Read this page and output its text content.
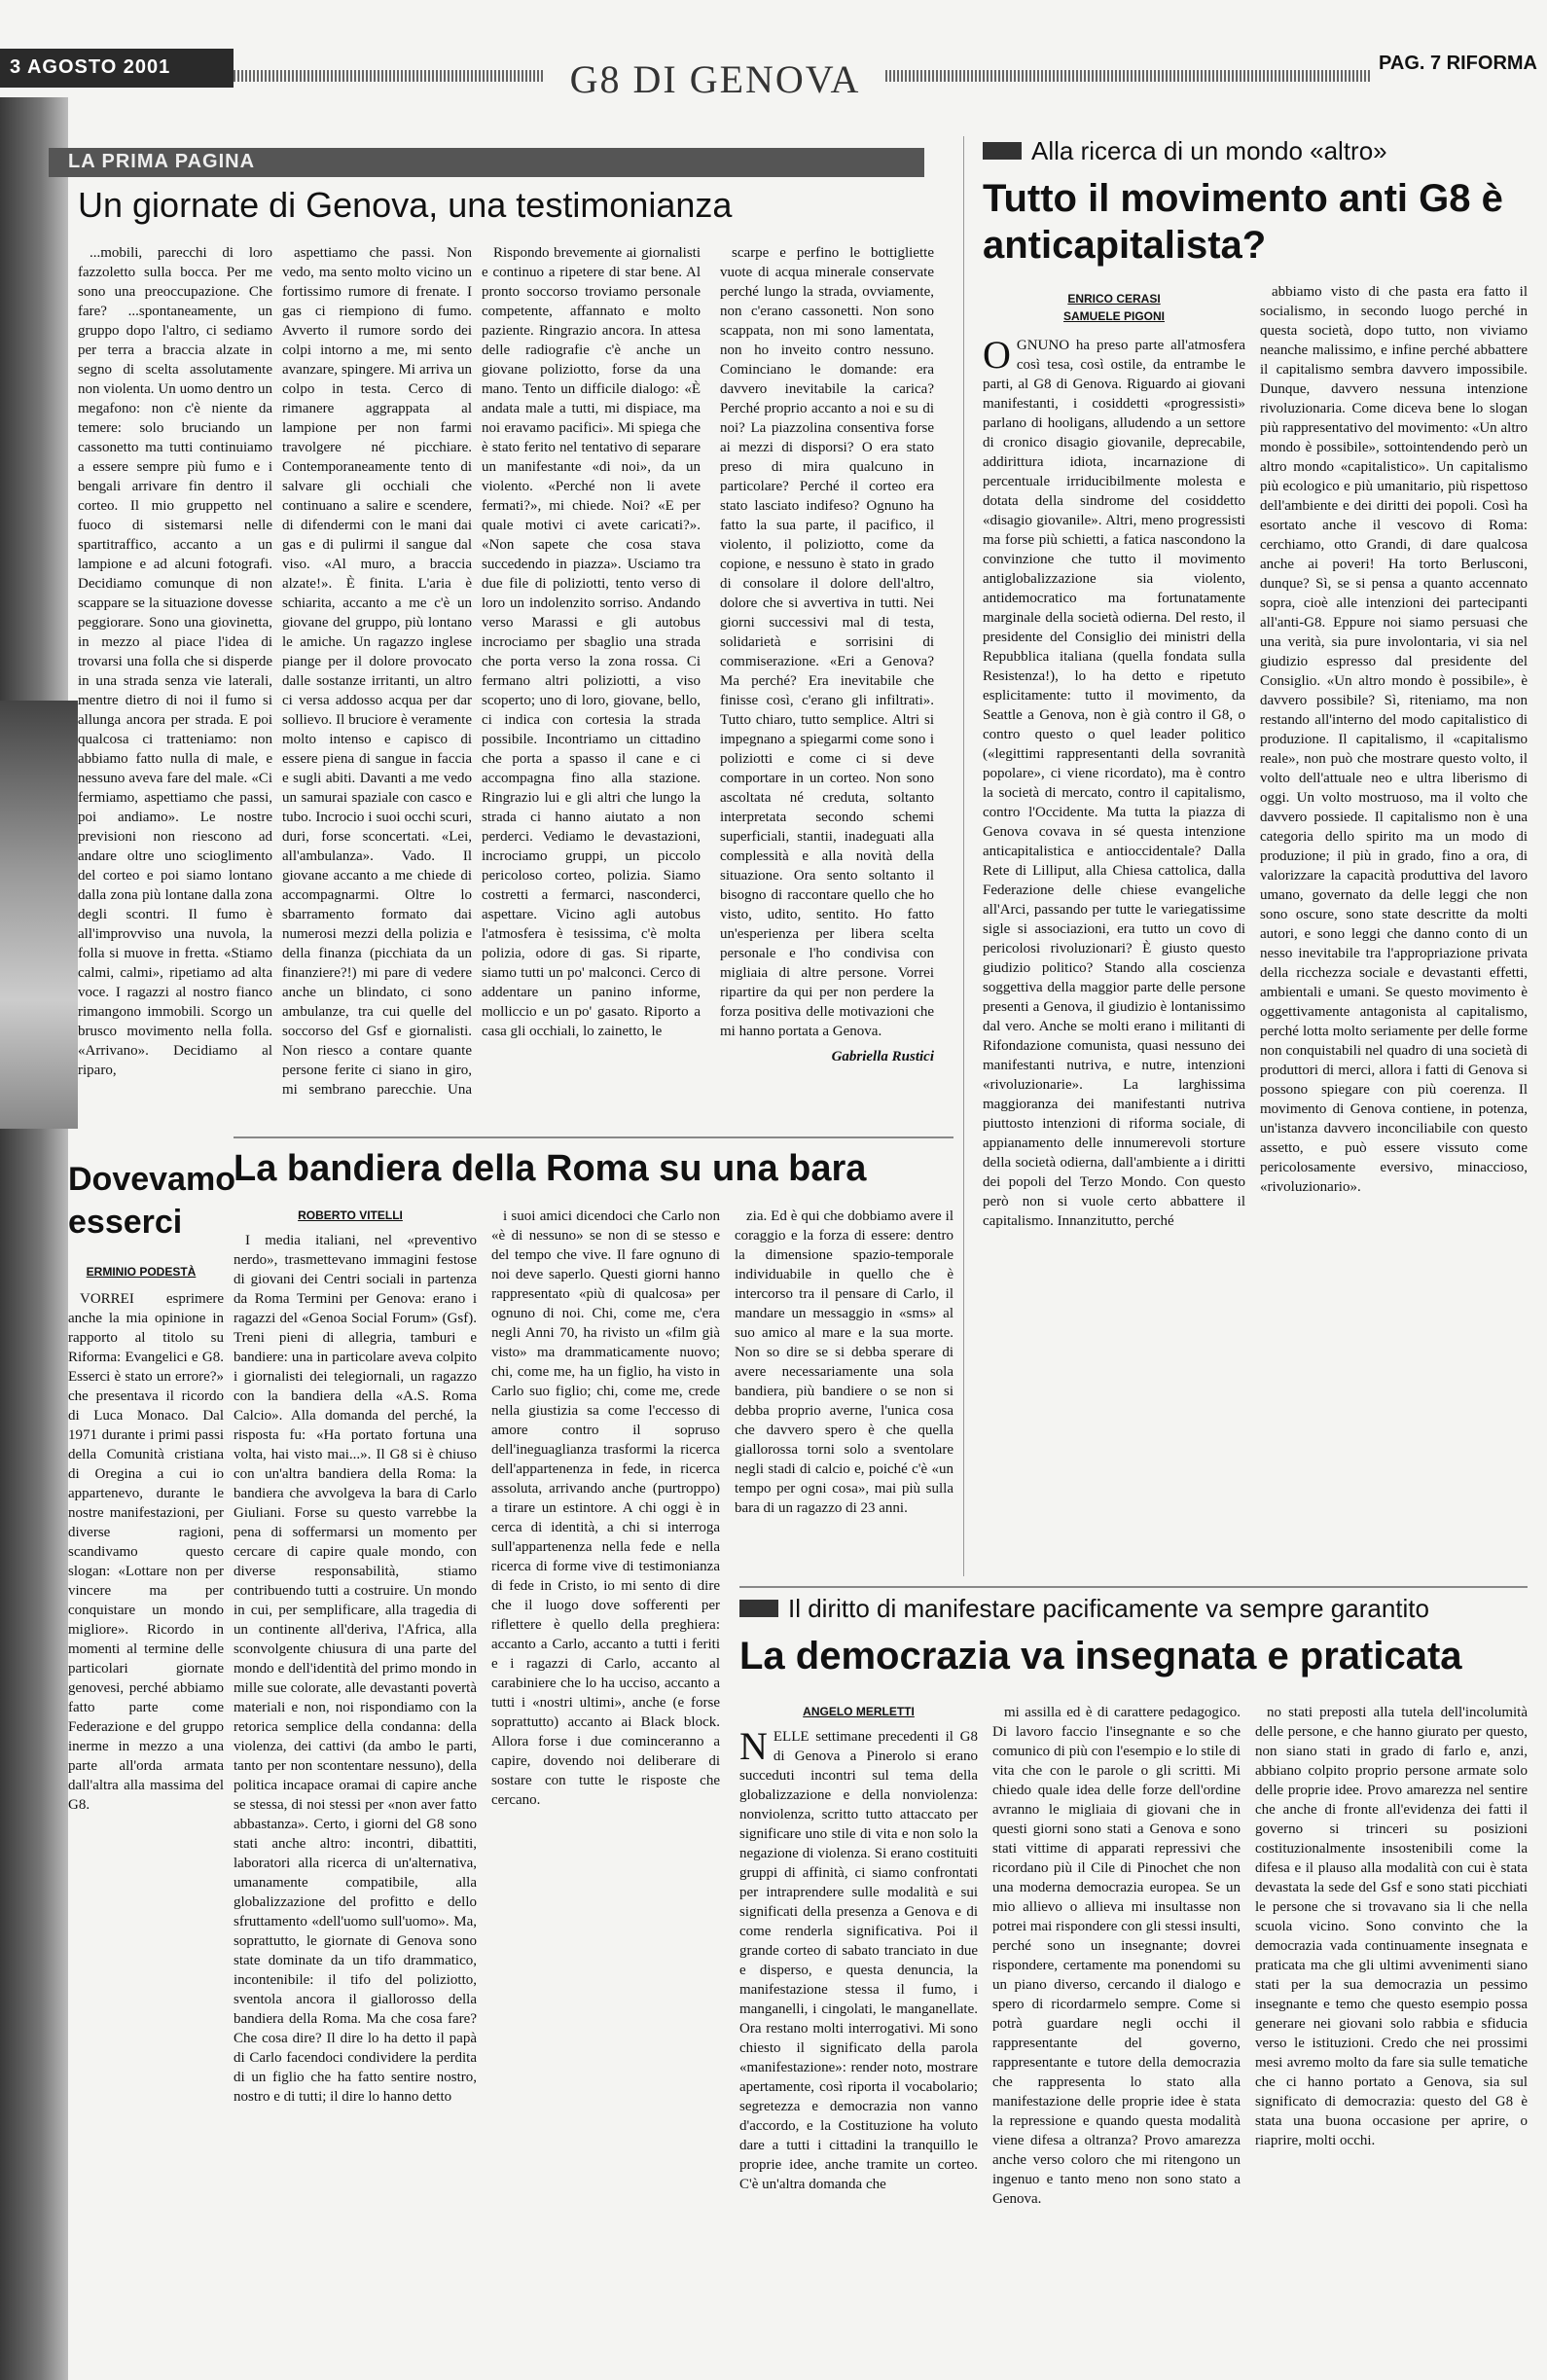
3 AGOSTO 2001	G8 DI GENOVA	PAG. 7 RIFORMA
LA PRIMA PAGINA
Un giornate di Genova, una testimonianza

...mobili, parecchi di loro fazzoletto sulla bocca. Per me sono una preoccupazione. Che fare? ...spontaneamente, un gruppo dopo l'altro, ci sediamo per terra a braccia alzate in segno di scelta assolutamente non violenta. Un uomo dentro un megafono: non c'è niente da temere: solo bruciando un cassonetto ma tutti continuiamo a essere sempre più fumo e i bengali arrivare fin dentro il corteo. Il mio gruppetto nel fuoco di sistemarsi nelle spartitraffico, accanto a un lampione e ad alcuni fotografi. Decidiamo comunque di non scappare se la situazione dovesse peggiorare. Sono una giovinetta, in mezzo al piace l'idea di trovarsi una folla che si disperde in una strada senza vie laterali, mentre dietro di noi il fumo si allunga ancora per strada. E poi qualcosa ci tratteniamo: non abbiamo fatto nulla di male, e nessuno aveva fare del male. «Ci fermiamo, aspettiamo che passi, poi andiamo». Le nostre previsioni non riescono ad andare oltre uno scioglimento del corteo e poi siamo lontano dalla zona più lontane dalla zona degli scontri. Il fumo è all'improvviso una nuvola, la folla si muove in fretta. «Stiamo calmi, calmi», ripetiamo ad alta voce. I ragazzi al nostro fianco rimangono immobili. Scorgo un brusco movimento nella folla. «Arrivano». Decidiamo al riparo,

aspettiamo che passi. Non vedo, ma sento molto vicino un fortissimo rumore di frenate. I gas ci riempiono di fumo. Avverto il rumore sordo dei colpi intorno a me, mi sento avanzare, spingere. Mi arriva un colpo in testa. Cerco di rimanere aggrappata al lampione per non farmi travolgere né picchiare. Contemporaneamente tento di salvare gli occhiali che continuano a salire e scendere, di difendermi con le mani dai gas e di pulirmi il sangue dal viso. «Al muro, a braccia alzate!». È finita. L'aria è schiarita, accanto a me c'è un giovane del gruppo, più lontano le amiche. Un ragazzo inglese piange per il dolore provocato dalle sostanze irritanti, un altro ci versa addosso acqua per dar sollievo. Il bruciore è veramente molto intenso e capisco di essere piena di sangue in faccia e sugli abiti. Davanti a me vedo un samurai spaziale con casco e tubo. Incrocio i suoi occhi scuri, duri, forse sconcertati. «Lei, all'ambulanza». Vado. Il giovane accanto a me chiede di accompagnarmi. Oltre lo sbarramento formato dai numerosi mezzi della polizia e della finanza (picchiata da un finanziere?!) mi pare di vedere anche un blindato, ci sono ambulanze, tra cui quelle del soccorso del Gsf e giornalisti. Non riesco a contare quante persone ferite ci siano in giro, mi sembrano parecchie. Una

Rispondo brevemente ai giornalisti e continuo a ripetere di star bene. Al pronto soccorso troviamo personale competente, affannato e molto paziente. Ringrazio ancora. In attesa delle radiografie c'è anche un giovane poliziotto, forse da una mano. Tento un difficile dialogo: «È andata male a tutti, mi dispiace, ma noi eravamo pacifici». Mi spiega che è stato ferito nel tentativo di separare un manifestante «di noi», da un violento. «Perché non li avete fermati?», mi chiede. Noi? «E per quale motivi ci avete caricati?». «Non sapete che cosa stava succedendo in piazza». Usciamo tra due file di poliziotti, tento verso di loro un indolenzito sorriso. Andando verso Marassi e gli autobus incrociamo per sbaglio una strada che porta verso la zona rossa. Ci fermano altri poliziotti, a viso scoperto; uno di loro, giovane, bello, ci indica con cortesia la strada possibile. Incontriamo un cittadino che porta a spasso il cane e ci accompagna fino alla stazione. Ringrazio lui e gli altri che lungo la strada ci hanno aiutato a non perderci. Vediamo le devastazioni, incrociamo gruppi, un piccolo pericoloso corteo, polizia. Siamo costretti a fermarci, nasconderci, aspettare. Vicino agli autobus l'atmosfera è tesissima, c'è molta polizia, odore di gas. Si riparte, siamo tutti un po' malconci. Cerco di addentare un panino informe, molliccio e un po' gasato. Riporto a casa gli occhiali, lo zainetto, le

scarpe e perfino le bottigliette vuote di acqua minerale conservate perché lungo la strada, ovviamente, non c'erano cassonetti. Non sono scappata, non mi sono lamentata, non ho inveito contro nessuno. Cominciano le domande: era davvero inevitabile la carica? Perché proprio accanto a noi e su di noi? La piazzolina consentiva forse ai mezzi di disporsi? O era stato preso di mira qualcuno in particolare? Perché il corteo era stato lasciato indifeso? Ognuno ha fatto la sua parte, il pacifico, il violento, il poliziotto, come da copione, e nessuno è stato in grado di consolare il dolore dell'altro, dolore che si avvertiva in tutti. Nei giorni successivi mal di testa, solidarietà e sorrisini di commiserazione. «Eri a Genova? Ma perché? Era inevitabile che finisse così, c'erano gli infiltrati». Tutto chiaro, tutto semplice. Altri si impegnano a spiegarmi come sono i poliziotti e come ci si deve comportare in un corteo. Non sono ascoltata né creduta, soltanto interpretata secondo schemi superficiali, stantii, inadeguati alla complessità e alla novità della situazione. Ora sento soltanto il bisogno di raccontare quello che ho visto, udito, sentito. Ho fatto un'esperienza per libera scelta personale e l'ho condivisa con migliaia di altre persone. Vorrei ripartire da qui per non perdere la forza positiva delle motivazioni che mi hanno portata a Genova.

Gabriella Rustici
Alla ricerca di un mondo «altro»
Tutto il movimento anti G8 è anticapitalista?
ENRICO CERASI
SAMUELE PIGONI
OGNUNO ha preso parte all'atmosfera così tesa, così ostile, da entrambe le parti, al G8 di Genova. Riguardo ai giovani manifestanti, i cosiddetti «progressisti» parlano di hooligans, alludendo a un settore di cronico disagio giovanile, deprecabile, addirittura idiota, incarnazione di percentuale irriducibilmente molesta e dotata della sindrome del cosiddetto «disagio giovanile». Altri, meno progressisti ma forse più schietti, a fatica nascondono la convinzione che tutto il movimento antiglobalizzazione sia violento, antidemocratico ma fortunatamente marginale della società odierna. Del resto, il presidente del Consiglio dei ministri della Repubblica italiana (quella fondata sulla Resistenza!), lo ha detto e ripetuto esplicitamente: tutto il movimento, da Seattle a Genova, non è già contro il G8, o contro questo o quel leader politico («legittimi rappresentanti della sovranità popolare», ci viene ricordato), ma è contro la società di mercato, contro il capitalismo, contro l'Occidente. Ma tutta la piazza di Genova covava in sé questa intenzione anticapitalistica e antioccidentale? Dalla Rete di Lilliput, alla Chiesa cattolica, dalla Federazione delle chiese evangeliche all'Arci, passando per tutte le variegatissime sigle si associazioni, era tutto un covo di pericolosi rivoluzionari? È giusto questo giudizio politico? Stando alla coscienza soggettiva della maggior parte delle persone presenti a Genova, il giudizio è lontanissimo dal vero. Anche se molti erano i militanti di Rifondazione comunista, quasi nessuno dei manifestanti nutriva, e nutre, intenzioni «rivoluzionarie». La larghissima maggioranza dei manifestanti nutriva piuttosto intenzioni di riforma sociale, di appianamento delle innumerevoli storture della società odierna, dall'ambiente a i diritti dei popoli del Terzo Mondo. Con questo però non si vuole certo abbattere il capitalismo. Innanzitutto, perché

abbiamo visto di che pasta era fatto il socialismo, in secondo luogo perché in questa società, dopo tutto, non viviamo neanche malissimo, e infine perché abbattere il capitalismo sembra davvero impossibile. Dunque, davvero nessuna intenzione rivoluzionaria. Come diceva bene lo slogan più rappresentativo del movimento: «Un altro mondo è possibile», sottointendendo però un altro mondo «capitalistico». Un capitalismo più ecologico e più umanitario, più rispettoso dell'ambiente e dei diritti dei popoli. Così ha esortato anche il vescovo di Roma: cerchiamo, otto Grandi, di dare qualcosa anche ai poveri! Ha torto Berlusconi, dunque? Sì, se si pensa a quanto accennato sopra, cioè alle intenzioni dei partecipanti all'anti-G8. Eppure noi siamo persuasi che una verità, sia pure involontaria, vi sia nel giudizio espresso dal presidente del Consiglio. «Un altro mondo è possibile», è davvero possibile? Sì, riteniamo, ma non restando all'interno del modo capitalistico di produzione. Il capitalismo, il «capitalismo reale», non può che mostrare questo volto, il volto dell'attuale neo e ultra liberismo di oggi. Un volto mostruoso, ma il volto che davvero possiede. Il capitalismo non è una categoria dello spirito ma un modo di produzione; il più in grado, fino a ora, di valorizzare la capacità produttiva del lavoro umano, governato da delle leggi che non sono oscure, sono state descritte da molti autori, e sono leggi che danno conto di un nesso inevitabile tra l'appropriazione privata della ricchezza sociale e devastanti effetti, ambientali e umani. Se questo movimento è oggettivamente antagonista al capitalismo, perché lotta molto seriamente per delle forme non conquistabili nel quadro di una società di produttori di merci, allora i fatti di Genova si possono spiegare con più coerenza. Il movimento di Genova contiene, in potenza, un'istanza davvero inconciliabile con questo assetto, e può essere vissuto come pericolosamente eversivo, minaccioso, «rivoluzionario».

Dovevamo esserci
ERMINIO PODESTÀ

VORREI esprimere anche la mia opinione in rapporto al titolo su Riforma: Evangelici e G8. Esserci è stato un errore?» che presentava il ricordo di Luca Monaco. Dal 1971 durante i primi passi della Comunità cristiana di Oregina a cui io appartenevo, durante le nostre manifestazioni, per diverse ragioni, scandivamo questo slogan: «Lottare non per vincere ma per conquistare un mondo migliore». Ricordo in momenti al termine delle particolari giornate genovesi, perché abbiamo fatto parte come Federazione e del gruppo inerme in mezzo a una parte all'orda armata dall'altra alla massima del G8.

La bandiera della Roma su una bara
ROBERTO VITELLI

I media italiani, nel «preventivo nerdo», trasmettevano immagini festose di giovani dei Centri sociali in partenza da Roma Termini per Genova: erano i ragazzi del «Genoa Social Forum» (Gsf). Treni pieni di allegria, tamburi e bandiere: una in particolare aveva colpito i giornalisti dei telegiornali, un ragazzo con la bandiera della «A.S. Roma Calcio». Alla domanda del perché, la risposta fu: «Ha portato fortuna una volta, hai visto mai...». Il G8 si è chiuso con un'altra bandiera della Roma: la bandiera che avvolgeva la bara di Carlo Giuliani. Forse su questo varrebbe la pena di soffermarsi un momento per cercare di capire quale mondo, con diverse responsabilità, stiamo contribuendo tutti a costruire. Un mondo in cui, per semplificare, alla tragedia di un continente all'deriva, l'Africa, alla sconvolgente chiusura di una parte del mondo e dell'identità del primo mondo in mille sue colorate, alle devastanti povertà materiali e non, noi rispondiamo con la retorica semplice della condanna: della violenza, dei cattivi (da ambo le parti, tanto per non scontentare nessuno), della politica incapace oramai di capire anche se stessa, di noi stessi per «non aver fatto abbastanza». Certo, i giorni del G8 sono stati anche altro: incontri, dibattiti, laboratori alla ricerca di un'alternativa, umanamente compatibile, alla globalizzazione del profitto e dello sfruttamento «dell'uomo sull'uomo». Ma, soprattutto, le giornate di Genova sono state dominate da un tifo drammatico, incontenibile: il tifo del poliziotto, sventola ancora il giallorosso della bandiera della Roma. Ma che cosa fare? Che cosa dire? Il dire lo ha detto il papà di Carlo facendoci condividere la perdita di un figlio che ha fatto sentire nostro, nostro e di tutti; il dire lo hanno detto

i suoi amici dicendoci che Carlo non «è di nessuno» se non di se stesso e del tempo che vive. Il fare ognuno di noi deve saperlo. Questi giorni hanno rappresentato «più di qualcosa» per ognuno di noi. Chi, come me, c'era negli Anni 70, ha rivisto un «film già visto» ma drammaticamente nuovo; chi, come me, ha un figlio, ha visto in Carlo suo figlio; chi, come me, crede nella giustizia sa come l'eccesso di amore contro il sopruso dell'ineguaglianza trasformi la ricerca dell'appartenenza in fede, in ricerca assoluta, arrivando anche (purtroppo) a tirare un estintore. A chi oggi è in cerca di identità, a chi si interroga sull'appartenenza nella fede e nella ricerca di forme vive di testimonianza di fede in Cristo, io mi sento di dire che il luogo dove sofferenti per riflettere è quello della preghiera: accanto a Carlo, accanto a tutti i feriti e i ragazzi di Carlo, accanto al carabiniere che lo ha ucciso, accanto a tutti i «nostri ultimi», anche (e forse soprattutto) accanto ai Black block. Allora forse i due cominceranno a capire, dovendo noi deliberare di sostare con tutte le risposte che cercano.

zia. Ed è qui che dobbiamo avere il coraggio e la forza di essere: dentro la dimensione spazio-temporale individuabile in quello che è intercorso tra il pensare di Carlo, il mandare un messaggio in «sms» al suo amico al mare e la sua morte. Non so dire se si debba sperare di avere necessariamente una sola bandiera, più bandiere o se non si debba proprio averne, l'unica cosa che davvero spero è che quella giallorossa torni solo a sventolare negli stadi di calcio e, poiché c'è «un tempo per ogni cosa», mai più sulla bara di un ragazzo di 23 anni.

Il diritto di manifestare pacificamente va sempre garantito
La democrazia va insegnata e praticata
ANGELO MERLETTI
NELLE settimane precedenti il G8 di Genova a Pinerolo si erano succeduti incontri sul tema della globalizzazione e della nonviolenza: nonviolenza, scritto tutto attaccato per significare uno stile di vita e non solo la negazione di violenza. Si erano costituiti gruppi di affinità, ci siamo confrontati per intraprendere sulle modalità e sui significati della presenza a Genova e di come renderla significativa. Poi il grande corteo di sabato tranciato in due e disperso, e questa denuncia, la manifestazione stessa il fumo, i manganelli, i cingolati, le manganellate. Ora restano molti interrogativi. Mi sono chiesto il significato della parola «manifestazione»: render noto, mostrare apertamente, così riporta il vocabolario; segretezza e democrazia non vanno d'accordo, e la Costituzione ha voluto dare a tutti i cittadini la tranquillo le proprie idee, anche tramite un corteo. C'è un'altra domanda che

mi assilla ed è di carattere pedagogico. Di lavoro faccio l'insegnante e so che comunico di più con l'esempio e lo stile di vita che con le parole o gli scritti. Mi chiedo quale idea delle forze dell'ordine avranno le migliaia di giovani che in questi giorni sono stati a Genova e sono stati vittime di apparati repressivi che ricordano più il Cile di Pinochet che non una moderna democrazia europea. Se un mio allievo o allieva mi insultasse non potrei mai rispondere con gli stessi insulti, perché sono un insegnante; dovrei rispondere, certamente ma ponendomi su un piano diverso, cercando il dialogo e spero di ricordarmelo sempre. Come si potrà guardare negli occhi il rappresentante del governo, rappresentante e tutore della democrazia che rappresenta lo stato alla manifestazione delle proprie idee è stata la repressione e quando questa modalità viene difesa a oltranza? Provo amarezza anche verso coloro che mi ritengono un ingenuo e tanto meno non sono stato a Genova.

no stati preposti alla tutela dell'incolumità delle persone, e che hanno giurato per questo, non siano stati in grado di farlo e, anzi, abbiano colpito proprio persone armate solo delle proprie idee. Provo amarezza nel sentire che anche di fronte all'evidenza dei fatti il governo si trinceri su posizioni costituzionalmente insostenibili come la difesa e il plauso alla modalità con cui è stata devastata la sede del Gsf e sono stati picchiati le persone che si trovavano sia li che nella scuola vicino. Sono convinto che la democrazia vada continuamente insegnata e praticata ma che gli ultimi avvenimenti siano stati per la sua democrazia un pessimo insegnante e temo che questo esempio possa generare nei giovani solo rabbia e sfiducia verso le istituzioni. Credo che nei prossimi mesi avremo molto da fare sia sulle tematiche che ci hanno portato a Genova, sia sul significato di democrazia: questo del G8 è stata una buona occasione per aprire, o riaprire, molti occhi.
